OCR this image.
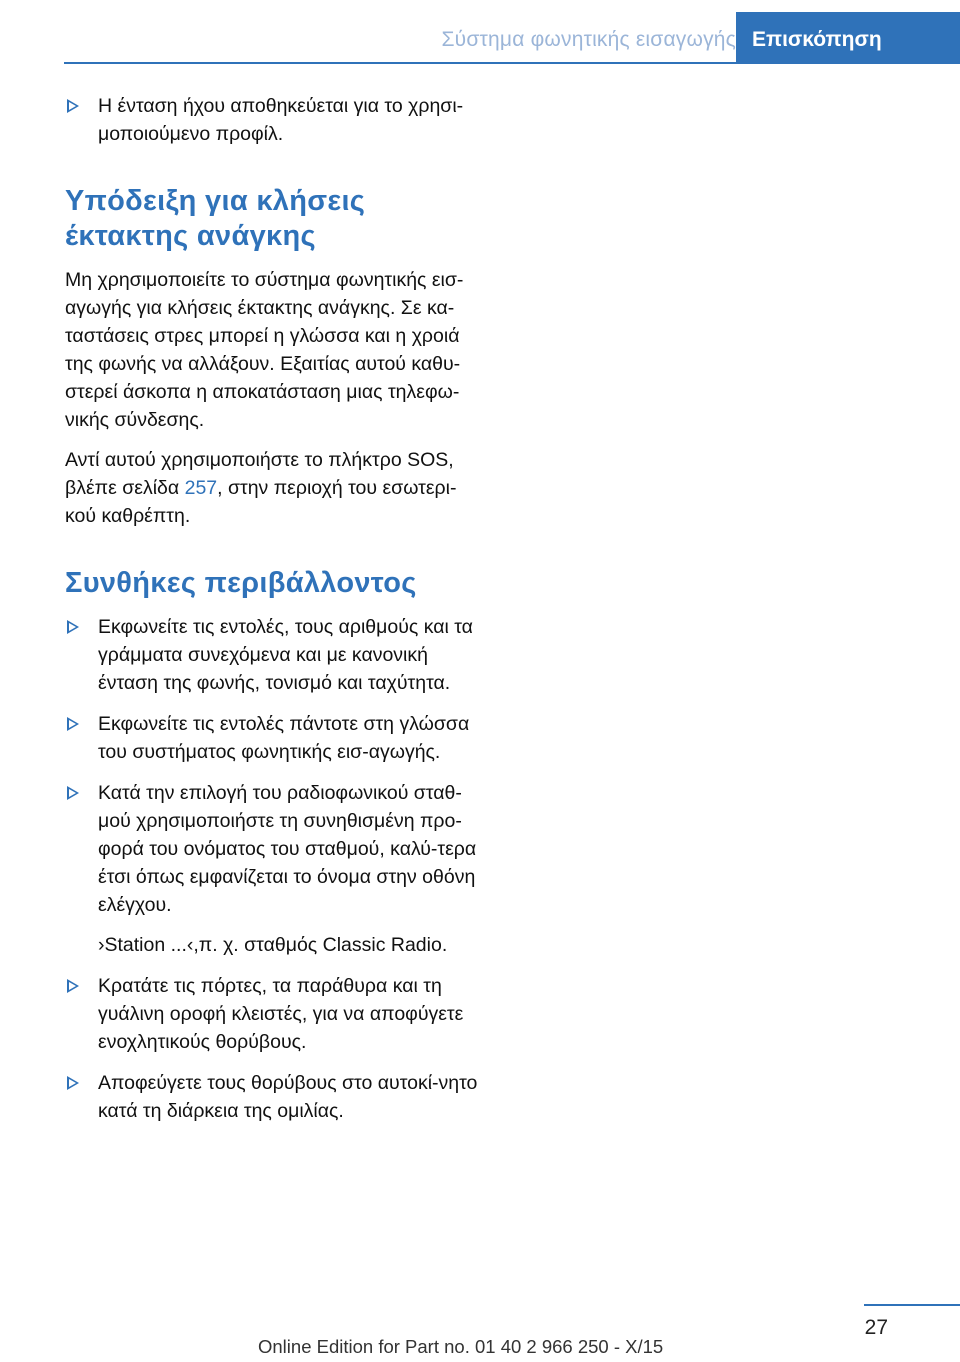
Σύστημα φωνητικής εισαγωγής Επισκόπηση

Η ένταση ήχου αποθηκεύεται για το χρησι-μοποιούμενο προφίλ.

Υπόδειξη για κλήσεις έκτακτης ανάγκης

Μη χρησιμοποιείτε το σύστημα φωνητικής εισ-αγωγής για κλήσεις έκτακτης ανάγκης. Σε κα-ταστάσεις στρες μπορεί η γλώσσα και η χροιά της φωνής να αλλάξουν. Εξαιτίας αυτού καθυ-στερεί άσκοπα η αποκατάσταση μιας τηλεφω-νικής σύνδεσης.

Αντί αυτού χρησιμοποιήστε το πλήκτρο SOS, βλέπε σελίδα 257, στην περιοχή του εσωτερι-κού καθρέπτη.

Συνθήκες περιβάλλοντος

Εκφωνείτε τις εντολές, τους αριθμούς και τα γράμματα συνεχόμενα και με κανονική ένταση της φωνής, τονισμό και ταχύτητα.

Εκφωνείτε τις εντολές πάντοτε στη γλώσσα του συστήματος φωνητικής εισ-αγωγής.

Κατά την επιλογή του ραδιοφωνικού σταθ-μού χρησιμοποιήστε τη συνηθισμένη προ-φορά του ονόματος του σταθμού, καλύ-τερα έτσι όπως εμφανίζεται το όνομα στην οθόνη ελέγχου.

›Station ...‹,π. χ. σταθμός Classic Radio.

Κρατάτε τις πόρτες, τα παράθυρα και τη γυάλινη οροφή κλειστές, για να αποφύγετε ενοχλητικούς θορύβους.

Αποφεύγετε τους θορύβους στο αυτοκί-νητο κατά τη διάρκεια της ομιλίας.

27
Online Edition for Part no. 01 40 2 966 250 - X/15
